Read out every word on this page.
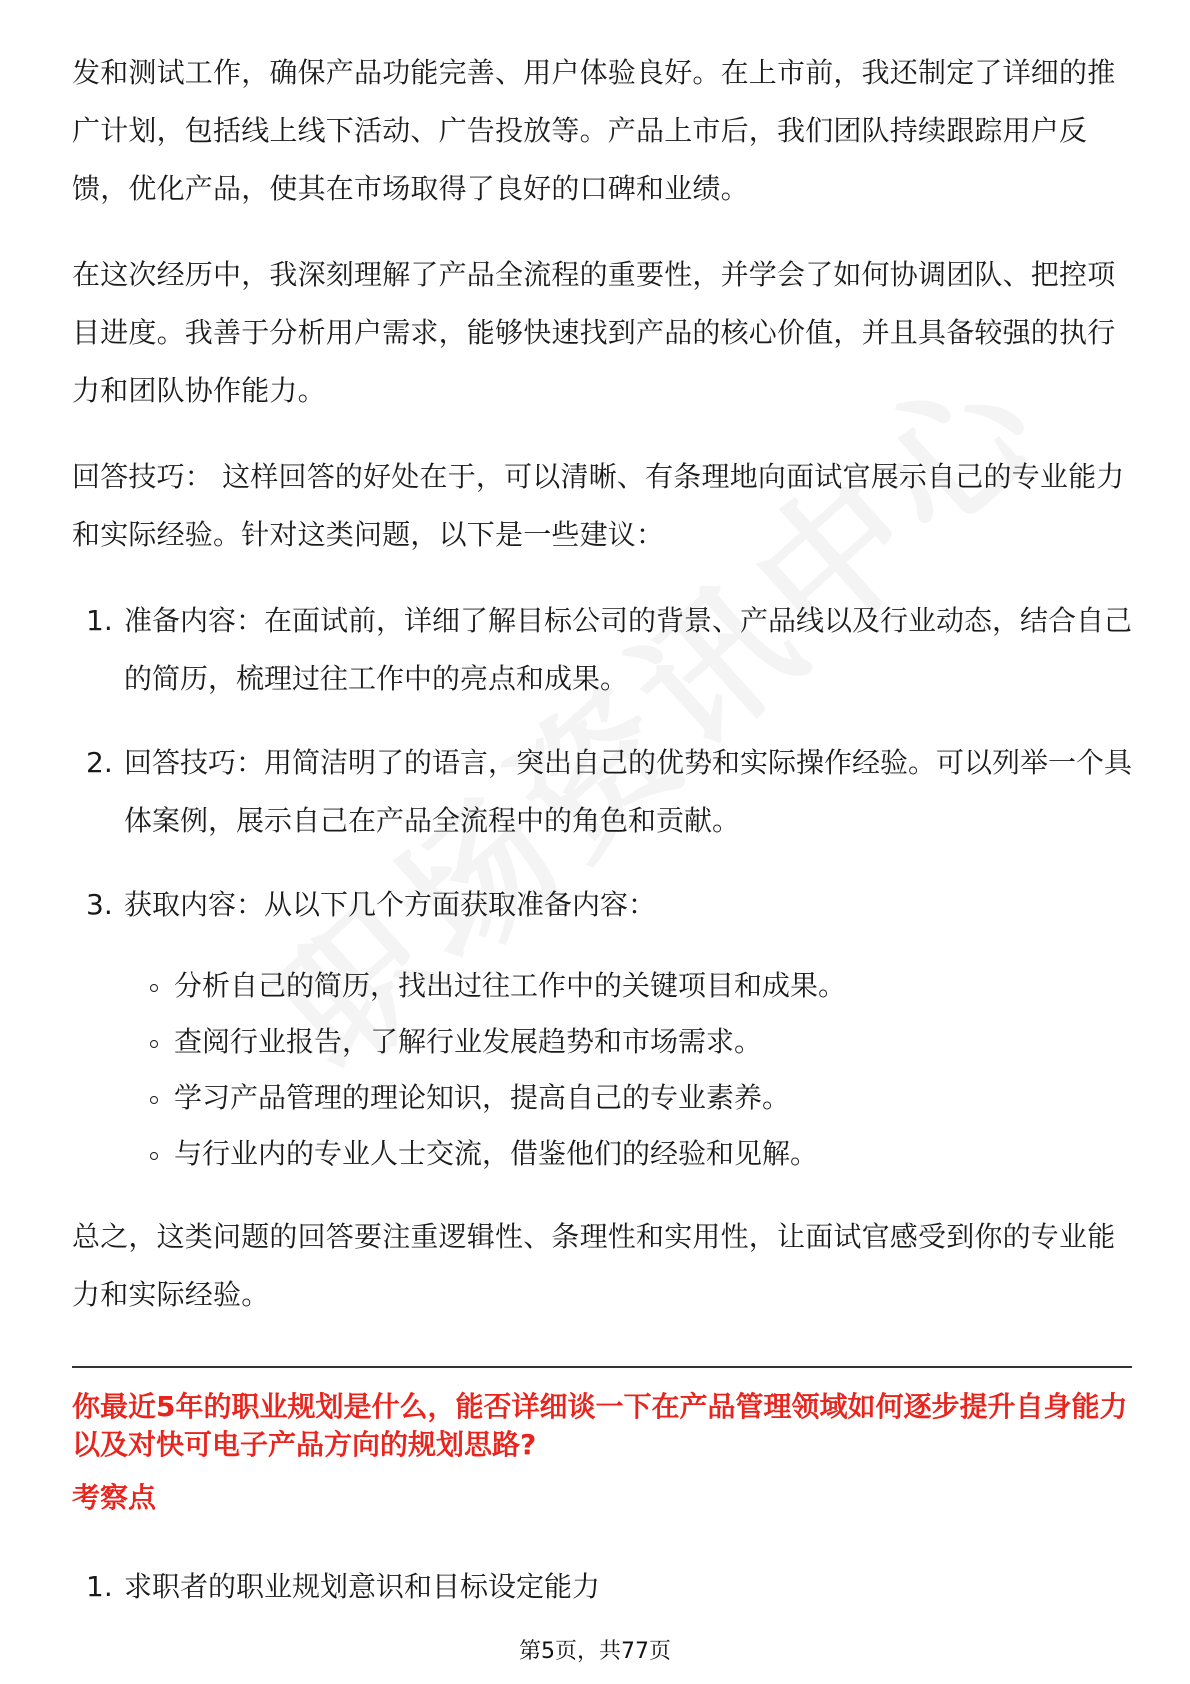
发和测试工作，确保产品功能完善、用户体验良好。在上市前，我还制定了详细的推广计划，包括线上线下活动、广告投放等。产品上市后，我们团队持续跟踪用户反馈，优化产品，使其在市场取得了良好的口碑和业绩。

在这次经历中，我深刻理解了产品全流程的重要性，并学会了如何协调团队、把控项目进度。我善于分析用户需求，能够快速找到产品的核心价值，并且具备较强的执行力和团队协作能力。

回答技巧： 这样回答的好处在于，可以清晰、有条理地向面试官展示自己的专业能力和实际经验。针对这类问题，以下是一些建议：

1. 准备内容：在面试前，详细了解目标公司的背景、产品线以及行业动态，结合自己的简历，梳理过往工作中的亮点和成果。
2. 回答技巧：用简洁明了的语言，突出自己的优势和实际操作经验。可以列举一个具体案例，展示自己在产品全流程中的角色和贡献。
3. 获取内容：从以下几个方面获取准备内容：
分析自己的简历，找出过往工作中的关键项目和成果。
查阅行业报告，了解行业发展趋势和市场需求。
学习产品管理的理论知识，提高自己的专业素养。
与行业内的专业人士交流，借鉴他们的经验和见解。

总之，这类问题的回答要注重逻辑性、条理性和实用性，让面试官感受到你的专业能力和实际经验。

你最近5年的职业规划是什么，能否详细谈一下在产品管理领域如何逐步提升自身能力以及对快可电子产品方向的规划思路?

考察点

1. 求职者的职业规划意识和目标设定能力
第5页，共77页
